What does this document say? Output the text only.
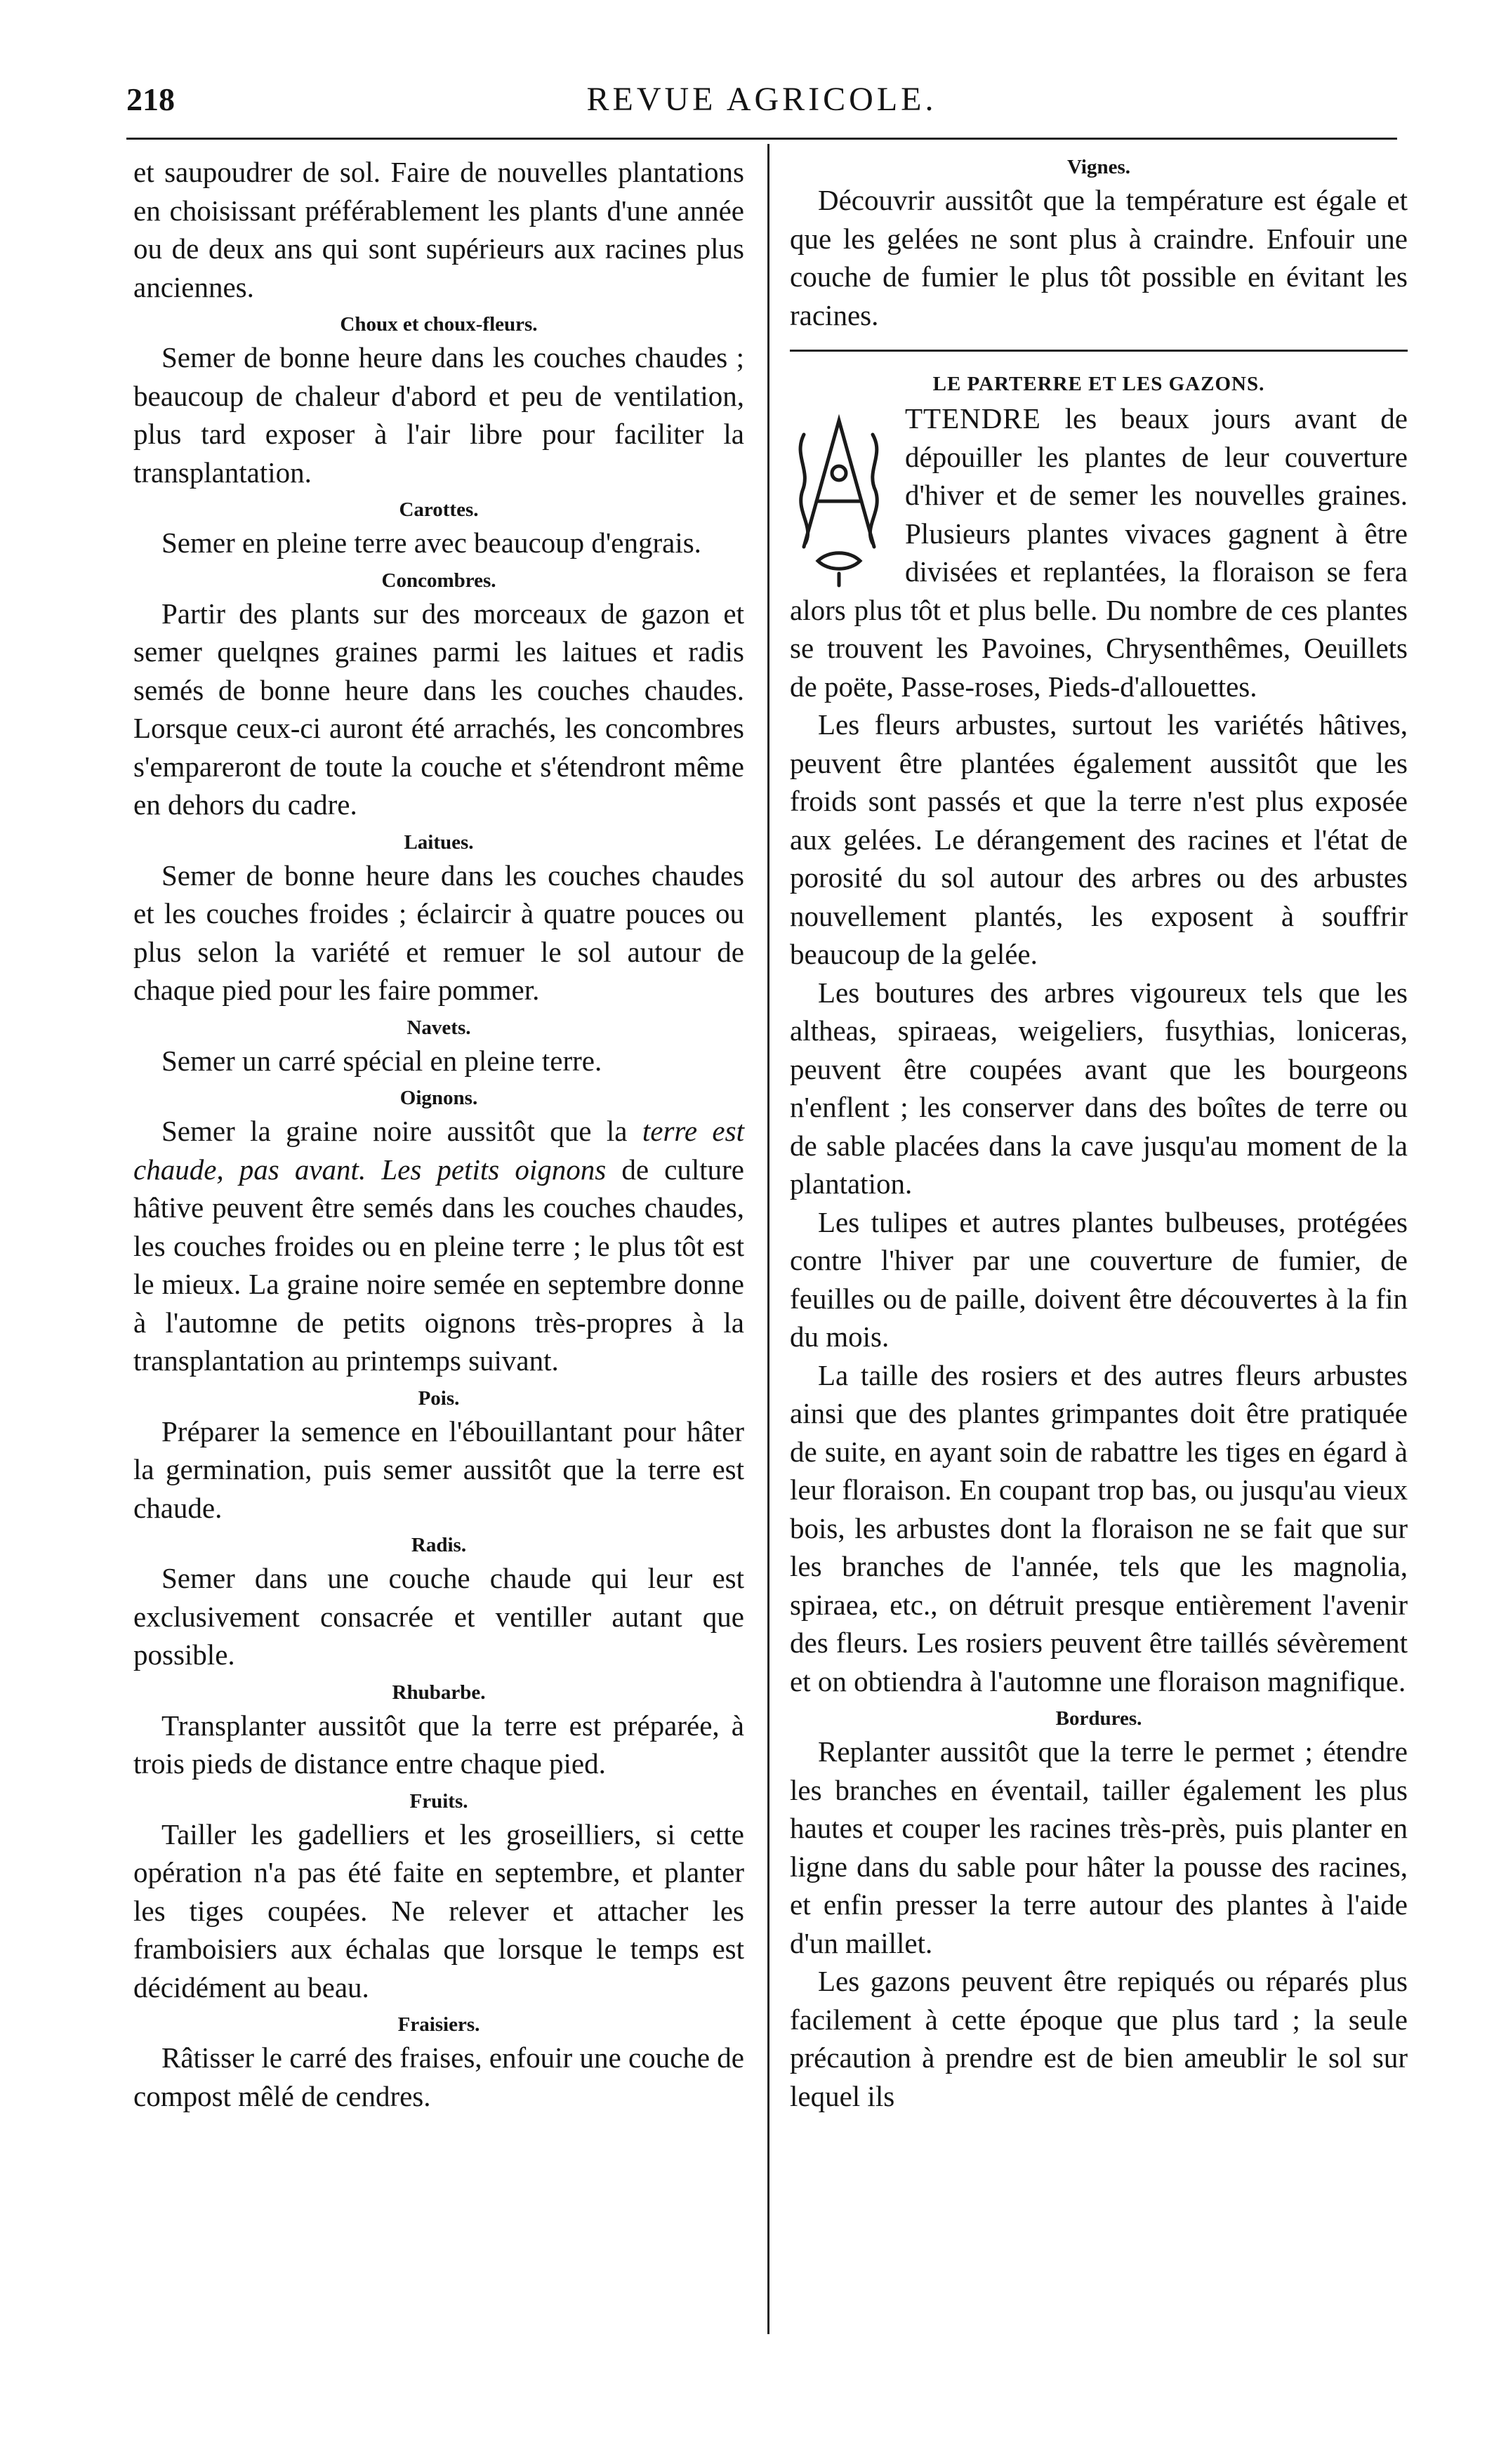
218	REVUE AGRICOLE.

et saupoudrer de sol. Faire de nouvelles plantations en choisissant préférablement les plants d'une année ou de deux ans qui sont supérieurs aux racines plus anciennes.

Choux et choux-fleurs.

Semer de bonne heure dans les couches chaudes ; beaucoup de chaleur d'abord et peu de ventilation, plus tard exposer à l'air libre pour faciliter la transplantation.

Carottes.

Semer en pleine terre avec beaucoup d'engrais.

Concombres.

Partir des plants sur des morceaux de gazon et semer quelqnes graines parmi les laitues et radis semés de bonne heure dans les couches chaudes. Lorsque ceux-ci auront été arrachés, les concombres s'empareront de toute la couche et s'étendront même en dehors du cadre.

Laitues.

Semer de bonne heure dans les couches chaudes et les couches froides ; éclaircir à quatre pouces ou plus selon la variété et remuer le sol autour de chaque pied pour les faire pommer.

Navets.

Semer un carré spécial en pleine terre.

Oignons.

Semer la graine noire aussitôt que la terre est chaude, pas avant. Les petits oignons de culture hâtive peuvent être semés dans les couches chaudes, les couches froides ou en pleine terre ; le plus tôt est le mieux. La graine noire semée en septembre donne à l'automne de petits oignons très-propres à la transplantation au printemps suivant.

Pois.

Préparer la semence en l'ébouillantant pour hâter la germination, puis semer aussitôt que la terre est chaude.

Radis.

Semer dans une couche chaude qui leur est exclusivement consacrée et ventiller autant que possible.

Rhubarbe.

Transplanter aussitôt que la terre est préparée, à trois pieds de distance entre chaque pied.

Fruits.

Tailler les gadelliers et les groseilliers, si cette opération n'a pas été faite en septembre, et planter les tiges coupées. Ne relever et attacher les framboisiers aux échalas que lorsque le temps est décidément au beau.

Fraisiers.

Râtisser le carré des fraises, enfouir une couche de compost mêlé de cendres.

Vignes.

Découvrir aussitôt que la température est égale et que les gelées ne sont plus à craindre. Enfouir une couche de fumier le plus tôt possible en évitant les racines.

LE PARTERRE ET LES GAZONS.

TTENDRE les beaux jours avant de dépouiller les plantes de leur couverture d'hiver et de semer les nouvelles graines. Plusieurs plantes vivaces gagnent à être divisées et replantées, la floraison se fera alors plus tôt et plus belle. Du nombre de ces plantes se trouvent les Pavoines, Chrysenthêmes, Oeuillets de poëte, Passe-roses, Pieds-d'allouettes.

Les fleurs arbustes, surtout les variétés hâtives, peuvent être plantées également aussitôt que les froids sont passés et que la terre n'est plus exposée aux gelées. Le dérangement des racines et l'état de porosité du sol autour des arbres ou des arbustes nouvellement plantés, les exposent à souffrir beaucoup de la gelée.

Les boutures des arbres vigoureux tels que les altheas, spiraeas, weigeliers, fusythias, loniceras, peuvent être coupées avant que les bourgeons n'enflent ; les conserver dans des boîtes de terre ou de sable placées dans la cave jusqu'au moment de la plantation.

Les tulipes et autres plantes bulbeuses, protégées contre l'hiver par une couverture de fumier, de feuilles ou de paille, doivent être découvertes à la fin du mois.

La taille des rosiers et des autres fleurs arbustes ainsi que des plantes grimpantes doit être pratiquée de suite, en ayant soin de rabattre les tiges en égard à leur floraison. En coupant trop bas, ou jusqu'au vieux bois, les arbustes dont la floraison ne se fait que sur les branches de l'année, tels que les magnolia, spiraea, etc., on détruit presque entièrement l'avenir des fleurs. Les rosiers peuvent être taillés sévèrement et on obtiendra à l'automne une floraison magnifique.

Bordures.

Replanter aussitôt que la terre le permet ; étendre les branches en éventail, tailler également les plus hautes et couper les racines très-près, puis planter en ligne dans du sable pour hâter la pousse des racines, et enfin presser la terre autour des plantes à l'aide d'un maillet.

Les gazons peuvent être repiqués ou réparés plus facilement à cette époque que plus tard ; la seule précaution à prendre est de bien ameublir le sol sur lequel ils
